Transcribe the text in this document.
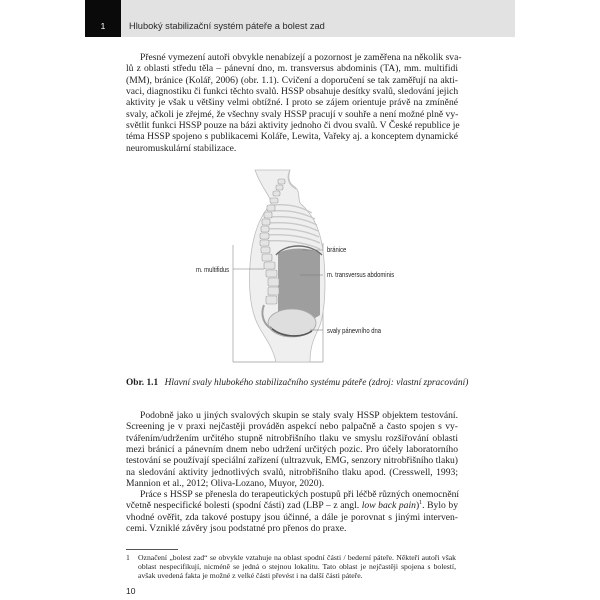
1	Hluboký stabilizační systém páteře a bolest zad
Přesné vymezení autoři obvykle nenabízejí a pozornost je zaměřena na několik sva-
lů z oblasti středu těla – pánevní dno, m. transversus abdominis (TA), mm. multifidi
(MM), bránice (Kolář, 2006) (obr. 1.1). Cvičení a doporučení se tak zaměřují na akti-
vaci, diagnostiku či funkci těchto svalů. HSSP obsahuje desítky svalů, sledování jejich
aktivity je však u většiny velmi obtížné. I proto se zájem orientuje právě na zmíněné
svaly, ačkoli je zřejmé, že všechny svaly HSSP pracují v souhře a není možné plně vy-
světlit funkci HSSP pouze na bázi aktivity jednoho či dvou svalů. V České republice je
téma HSSP spojeno s publikacemi Koláře, Lewita, Vařeky aj. a konceptem dynamické
neuromuskulární stabilizace.
m. multifidus
bránice
m. transversus abdominis
svaly pánevního dna
Obr. 1.1 Hlavní svaly hlubokého stabilizačního systému páteře (zdroj: vlastní zpracování)
Podobně jako u jiných svalových skupin se staly svaly HSSP objektem testování.
Screening je v praxi nejčastěji prováděn aspekcí nebo palpačně a často spojen s vy-
tvářením/udržením určitého stupně nitrobřišního tlaku ve smyslu rozšiřování oblasti
mezi bránicí a pánevním dnem nebo udržení určitých pozic. Pro účely laboratorního
testování se používají speciální zařízení (ultrazvuk, EMG, senzory nitrobřišního tlaku)
na sledování aktivity jednotlivých svalů, nitrobřišního tlaku apod. (Cresswell, 1993;
Mannion et al., 2012; Oliva-Lozano, Muyor, 2020).
Práce s HSSP se přenesla do terapeutických postupů při léčbě různých onemocnění
včetně nespecifické bolesti (spodní části) zad (LBP – z angl. low back pain)$^1$. Bylo by
vhodné ověřit, zda takové postupy jsou účinné, a dále je porovnat s jinými interven-
cemi. Vzniklé závěry jsou podstatné pro přenos do praxe.
1 Označení „bolest zad“ se obvykle vztahuje na oblast spodní části / bederní páteře. Někteří autoři však
oblast nespecifikují, nicméně se jedná o stejnou lokalitu. Tato oblast je nejčastěji spojena s bolestí,
avšak uvedená fakta je možné z velké části převést i na další části páteře.
10
